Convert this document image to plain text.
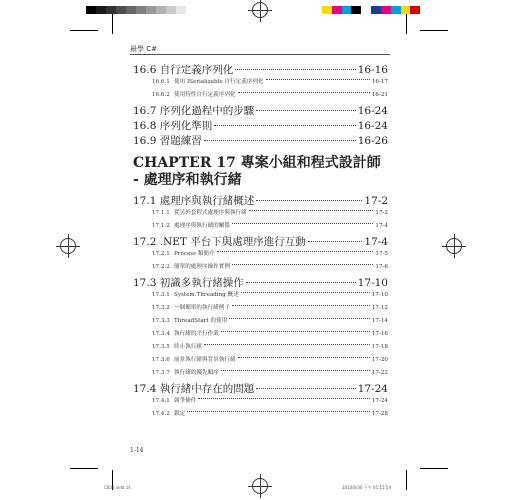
最學 C#
16.6 自行定義序列化	16-16
16.6.1 使用 ISerializable 自行定義序列化	16-17
16.6.2 使用特性自行定義序列化	16-21
16.7 序列化過程中的步驟	16-24
16.8 序列化準則	16-24
16.9 習題練習	16-26
CHAPTER 17 專案小組和程式設計師 - 處理序和執行緒
17.1 處理序與執行緒概述	17-2
17.1.1 從另外套程式處理序與執行緒	17-2
17.1.2 處理序與執行緒的關係	17-4
17.2 .NET 平台下與處理序進行互動	17-4
17.2.1 Process 類簡介	17-5
17.2.2 簡單的處理序操作實例	17-6
17.3 初識多執行緒操作	17-10
17.3.1 System.Threading 概述	17-10
17.3.2 一個簡單的執行緒例子	17-12
17.3.3 ThreadStart 的使用	17-14
17.3.4 執行緒的平行作業	17-16
17.3.5 終止執行緒	17-18
17.3.6 前景執行緒與背景執行緒	17-20
17.3.7 執行緒的優先順序	17-22
17.4 執行緒中存在的問題	17-24
17.4.1 競爭條件	17-24
17.4.2 鎖定	17-28
1-14
C838.indd 14	2010/6/30 下午 01:15:54
